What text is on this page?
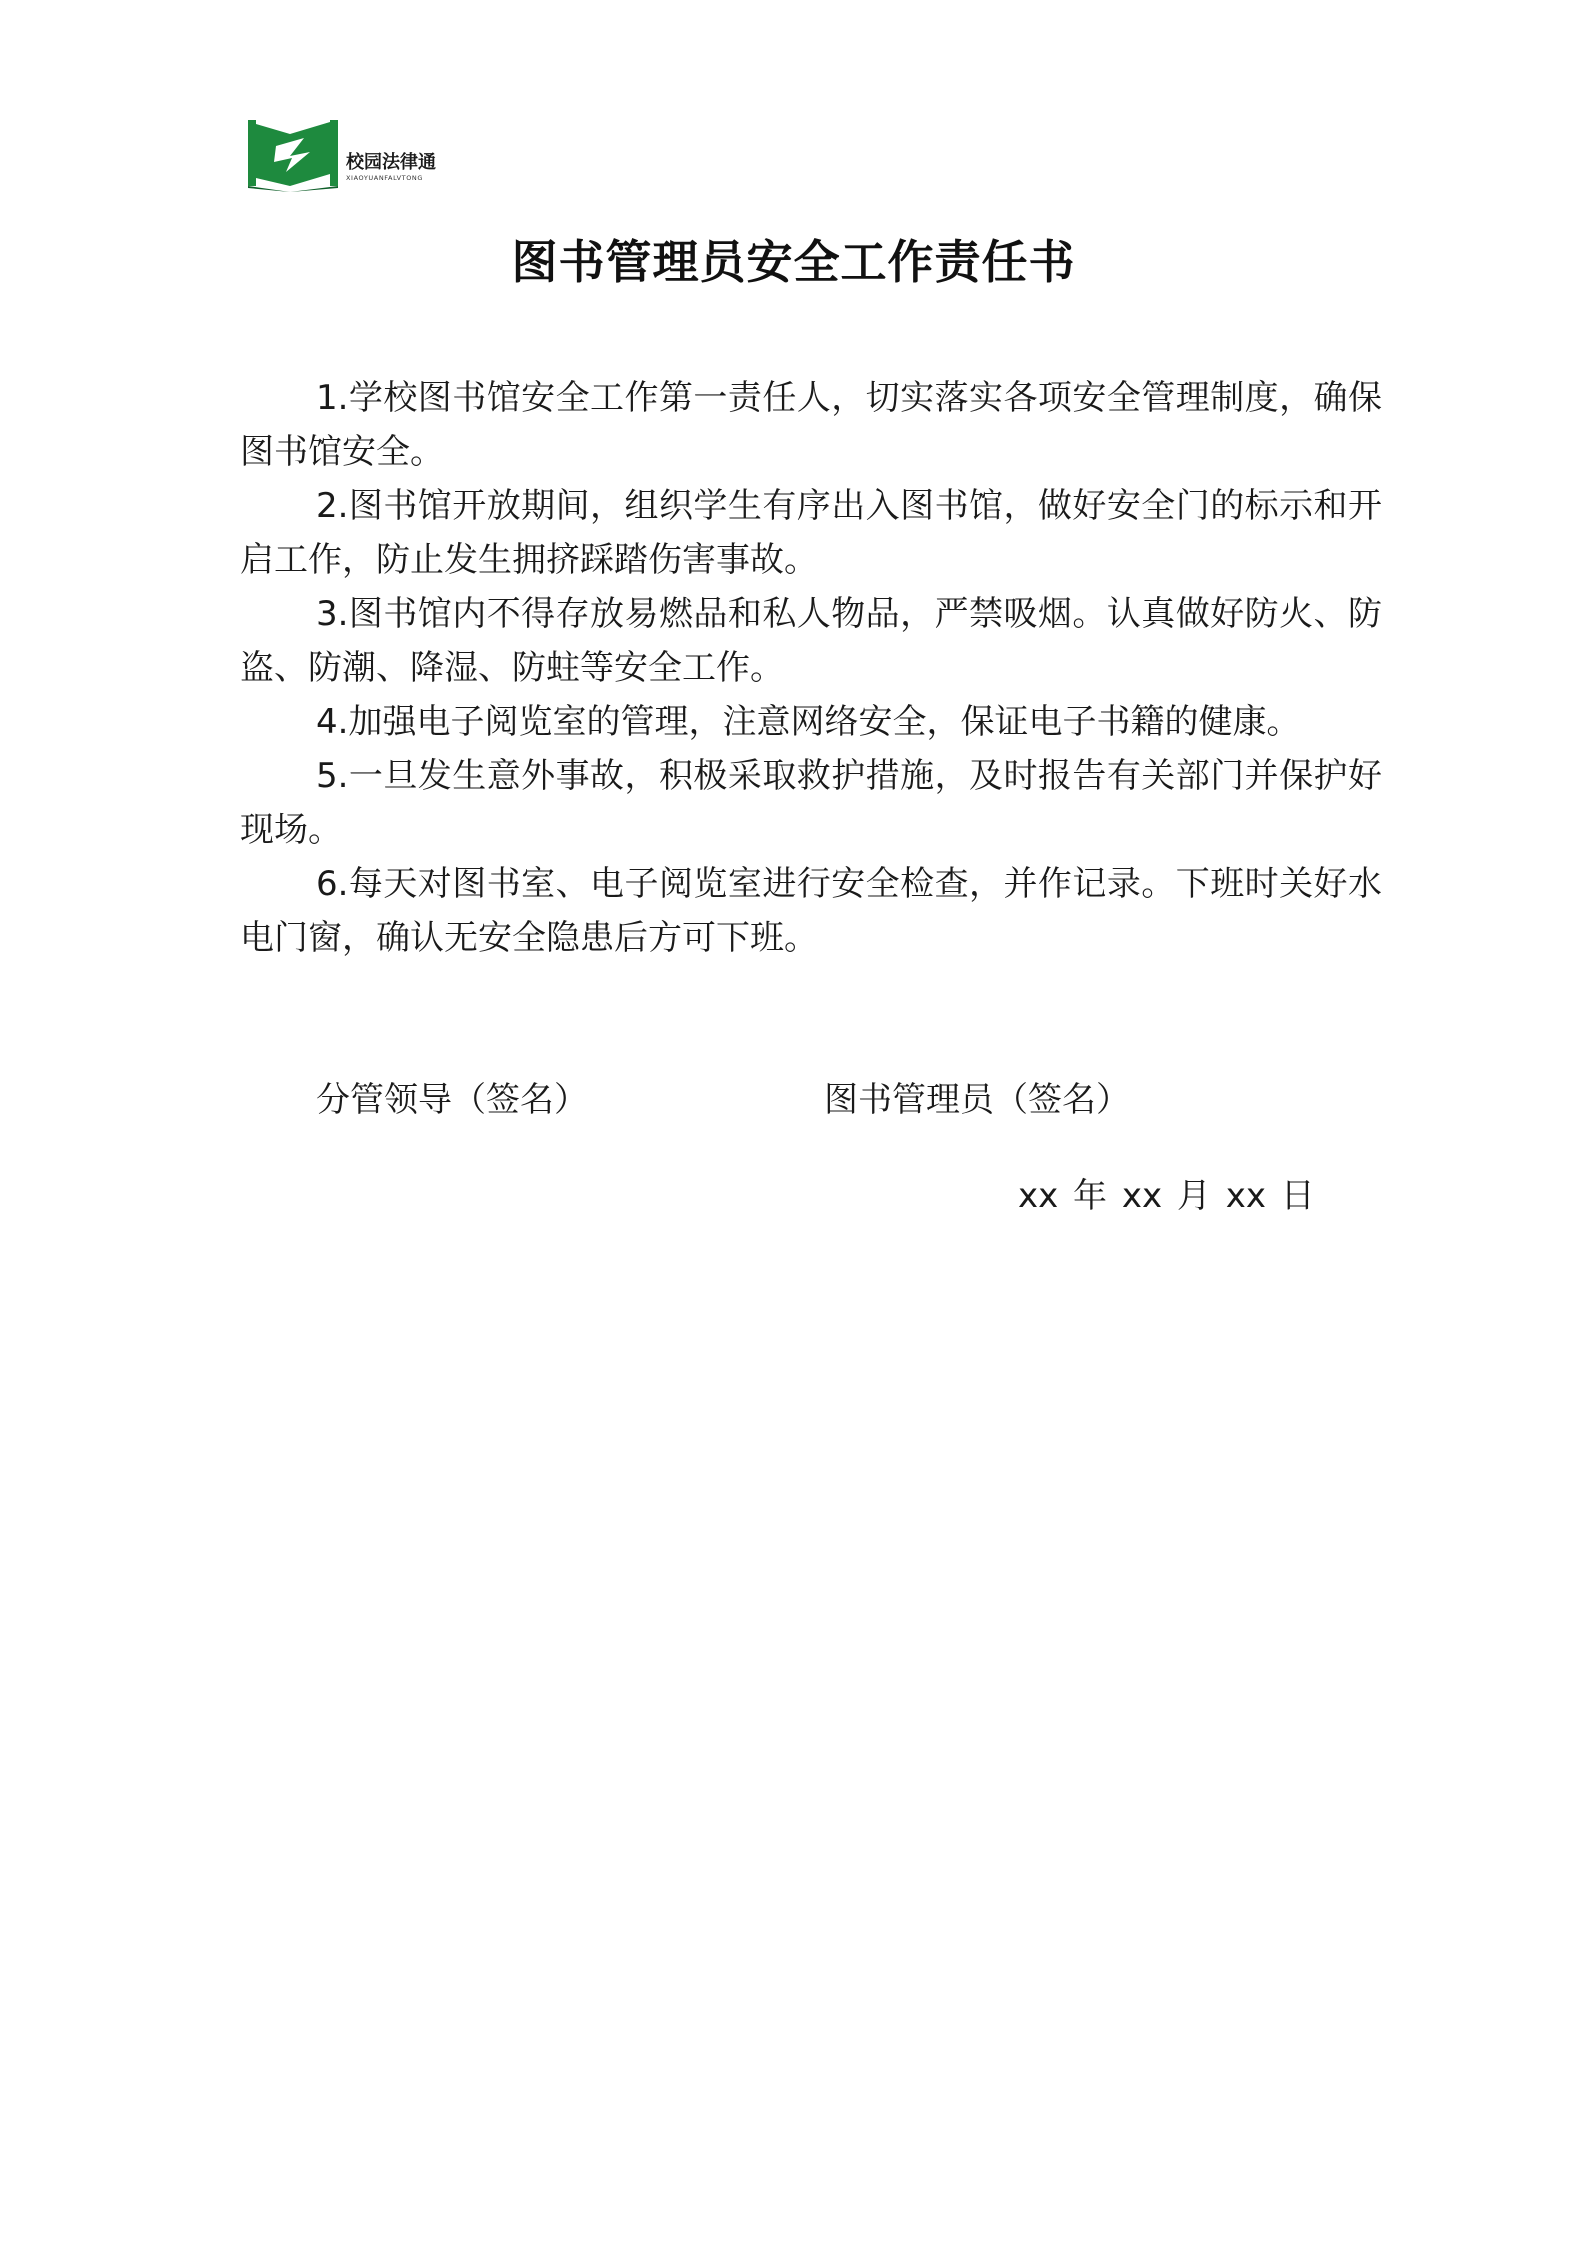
校园法律通
XIAOYUANFALVTONG
图书管理员安全工作责任书

1.学校图书馆安全工作第一责任人，切实落实各项安全管理制度，确保图书馆安全。

2.图书馆开放期间，组织学生有序出入图书馆，做好安全门的标示和开启工作，防止发生拥挤踩踏伤害事故。

3.图书馆内不得存放易燃品和私人物品，严禁吸烟。认真做好防火、防盗、防潮、降湿、防蛀等安全工作。

4.加强电子阅览室的管理，注意网络安全，保证电子书籍的健康。

5.一旦发生意外事故，积极采取救护措施，及时报告有关部门并保护好现场。

6.每天对图书室、电子阅览室进行安全检查，并作记录。下班时关好水电门窗，确认无安全隐患后方可下班。

分管领导（签名）	图书管理员（签名）
xx 年 xx 月 xx 日
